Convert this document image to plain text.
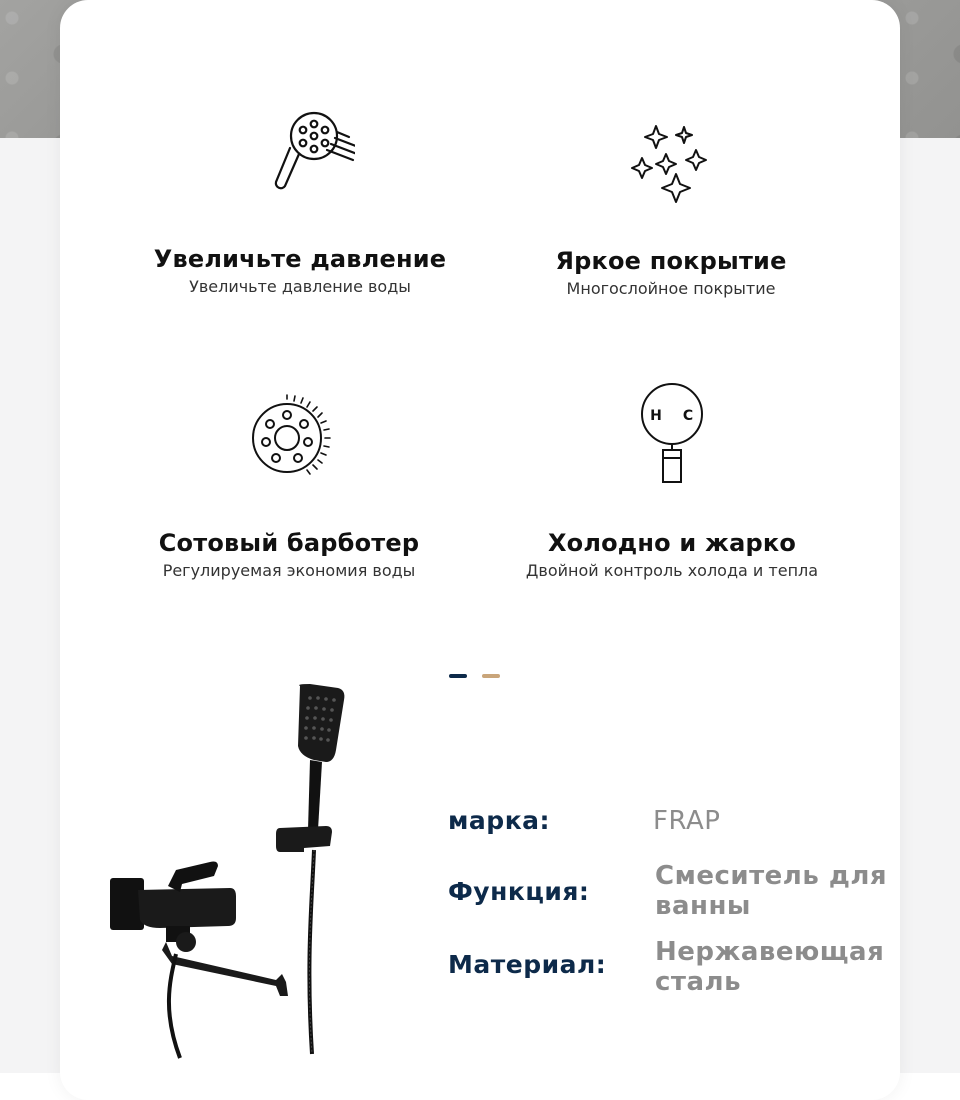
Увеличьте давление
Увеличьте давление воды
Яркое покрытие
Многослойное покрытие
Сотовый барботер
Регулируемая экономия воды
H C
Холодно и жарко
Двойной контроль холода и тепла
марка:	FRAP
Функция:
Смеситель для ванны
Материал: Нержавеющая сталь
